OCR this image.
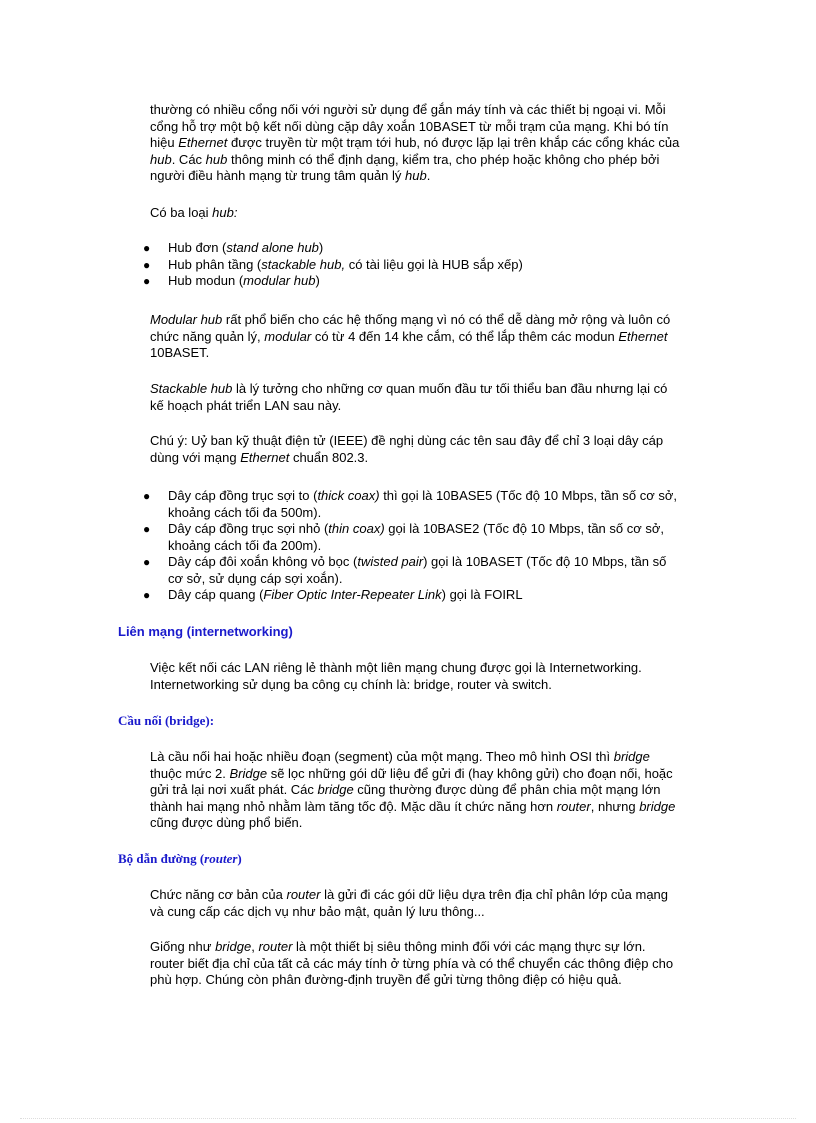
thường có nhiều cổng nối với người sử dụng để gắn máy tính và các thiết bị ngoại vi. Mỗi

cổng hỗ trợ một bộ kết nối dùng cặp dây xoắn 10BASET từ mỗi trạm của mạng. Khi bó tín

hiệu Ethernet được truyền từ một trạm tới hub, nó được lặp lại trên khắp các cổng khác của

hub. Các hub thông minh có thể định dạng, kiểm tra, cho phép hoặc không cho phép bởi

người điều hành mạng từ trung tâm quản lý hub.

Có ba loại hub:

● Hub đơn (stand alone hub)
● Hub phân tầng (stackable hub, có tài liệu gọi là HUB sắp xếp)
● Hub modun (modular hub)

Modular hub rất phổ biến cho các hệ thống mạng vì nó có thể dễ dàng mở rộng và luôn có

chức năng quản lý, modular có từ 4 đến 14 khe cắm, có thể lắp thêm các modun Ethernet

10BASET.

Stackable hub là lý tưởng cho những cơ quan muốn đầu tư tối thiểu ban đầu nhưng lại có

kế hoạch phát triển LAN sau này.

Chú ý: Uỷ ban kỹ thuật điện tử (IEEE) đề nghị dùng các tên sau đây để chỉ 3 loại dây cáp

dùng với mạng Ethernet chuẩn 802.3.

● Dây cáp đồng trục sợi to (thick coax) thì gọi là 10BASE5 (Tốc độ 10 Mbps, tần số cơ sở,
khoảng cách tối đa 500m).
● Dây cáp đồng trục sợi nhỏ (thin coax) gọi là 10BASE2 (Tốc độ 10 Mbps, tần số cơ sở,
khoảng cách tối đa 200m).
● Dây cáp đôi xoắn không vỏ bọc (twisted pair) gọi là 10BASET (Tốc độ 10 Mbps, tần số
cơ sở, sử dụng cáp sợi xoắn).
● Dây cáp quang (Fiber Optic Inter-Repeater Link) gọi là FOIRL
Liên mạng (internetworking)

Việc kết nối các LAN riêng lẻ thành một liên mạng chung được gọi là Internetworking.

Internetworking sử dụng ba công cụ chính là: bridge, router và switch.

Cầu nối (bridge):

Là cầu nối hai hoặc nhiều đoạn (segment) của một mạng. Theo mô hình OSI thì bridge

thuộc mức 2. Bridge sẽ lọc những gói dữ liệu để gửi đi (hay không gửi) cho đoạn nối, hoặc

gửi trả lại nơi xuất phát. Các bridge cũng thường được dùng để phân chia một mạng lớn

thành hai mạng nhỏ nhằm làm tăng tốc độ. Mặc dầu ít chức năng hơn router, nhưng bridge

cũng được dùng phổ biến.

Bộ dẫn đường (router)

Chức năng cơ bản của router là gửi đi các gói dữ liệu dựa trên địa chỉ phân lớp của mạng

và cung cấp các dịch vụ như bảo mật, quản lý lưu thông...

Giống như bridge, router là một thiết bị siêu thông minh đối với các mạng thực sự lớn.

router biết địa chỉ của tất cả các máy tính ở từng phía và có thể chuyển các thông điệp cho

phù hợp. Chúng còn phân đường-định truyền để gửi từng thông điệp có hiệu quả.
